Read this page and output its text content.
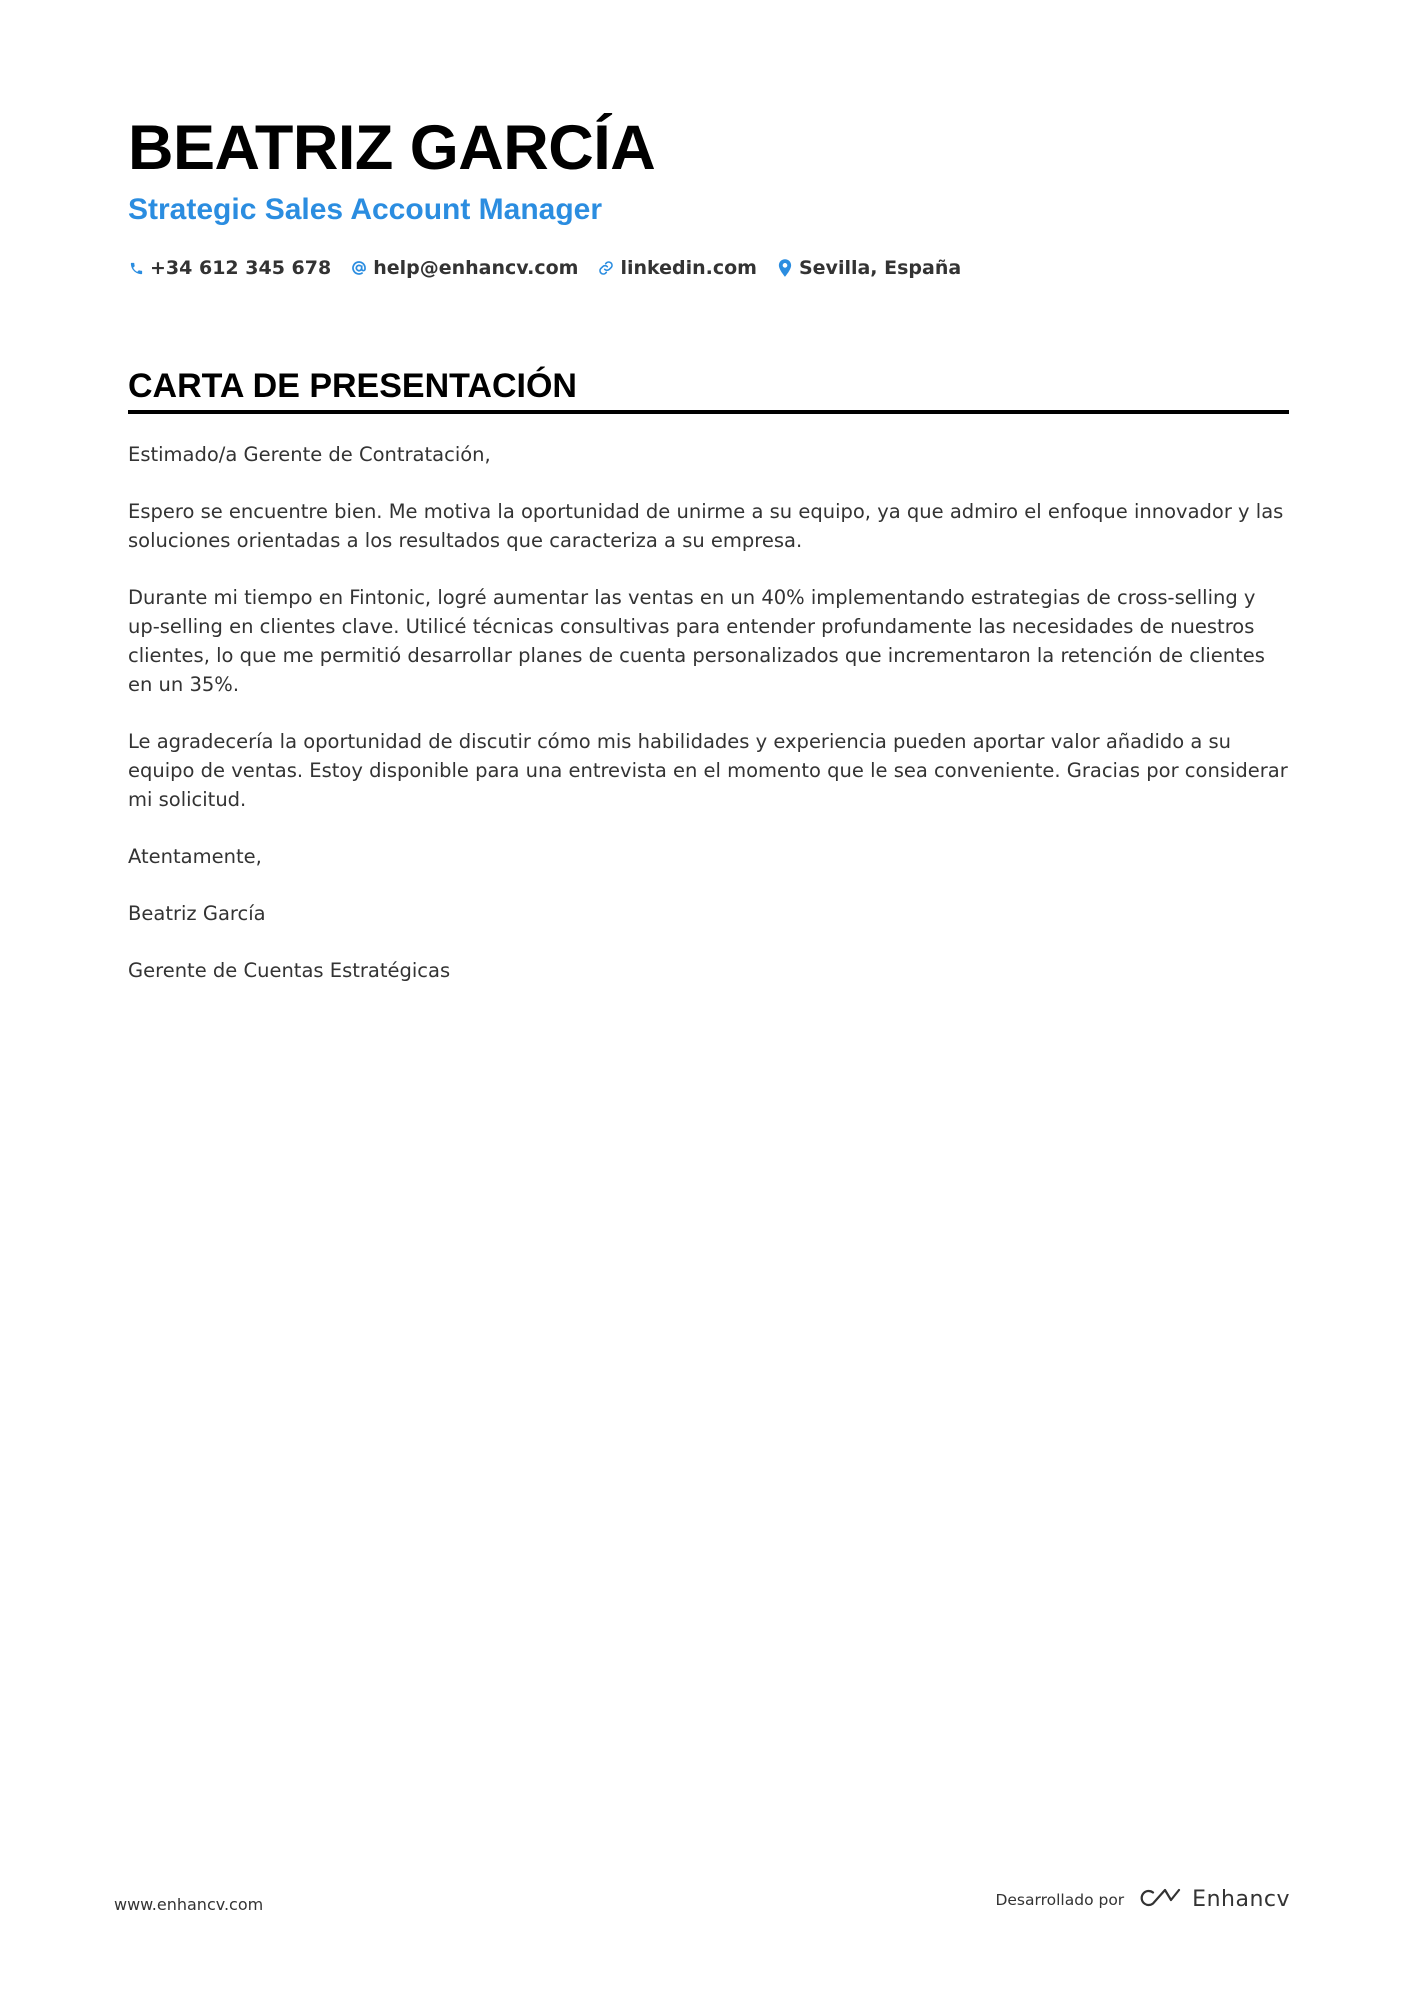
BEATRIZ GARCÍA
Strategic Sales Account Manager
+34 612 345 678 help@enhancv.com linkedin.com Sevilla, España
CARTA DE PRESENTACIÓN

Estimado/a Gerente de Contratación,

Espero se encuentre bien. Me motiva la oportunidad de unirme a su equipo, ya que admiro el enfoque innovador y las soluciones orientadas a los resultados que caracteriza a su empresa.

Durante mi tiempo en Fintonic, logré aumentar las ventas en un 40% implementando estrategias de cross-selling y up-selling en clientes clave. Utilicé técnicas consultivas para entender profundamente las necesidades de nuestros clientes, lo que me permitió desarrollar planes de cuenta personalizados que incrementaron la retención de clientes en un 35%.

Le agradecería la oportunidad de discutir cómo mis habilidades y experiencia pueden aportar valor añadido a su equipo de ventas. Estoy disponible para una entrevista en el momento que le sea conveniente. Gracias por considerar mi solicitud.

Atentamente,

Beatriz García

Gerente de Cuentas Estratégicas

www.enhancv.com	Desarrollado por	Enhancv
